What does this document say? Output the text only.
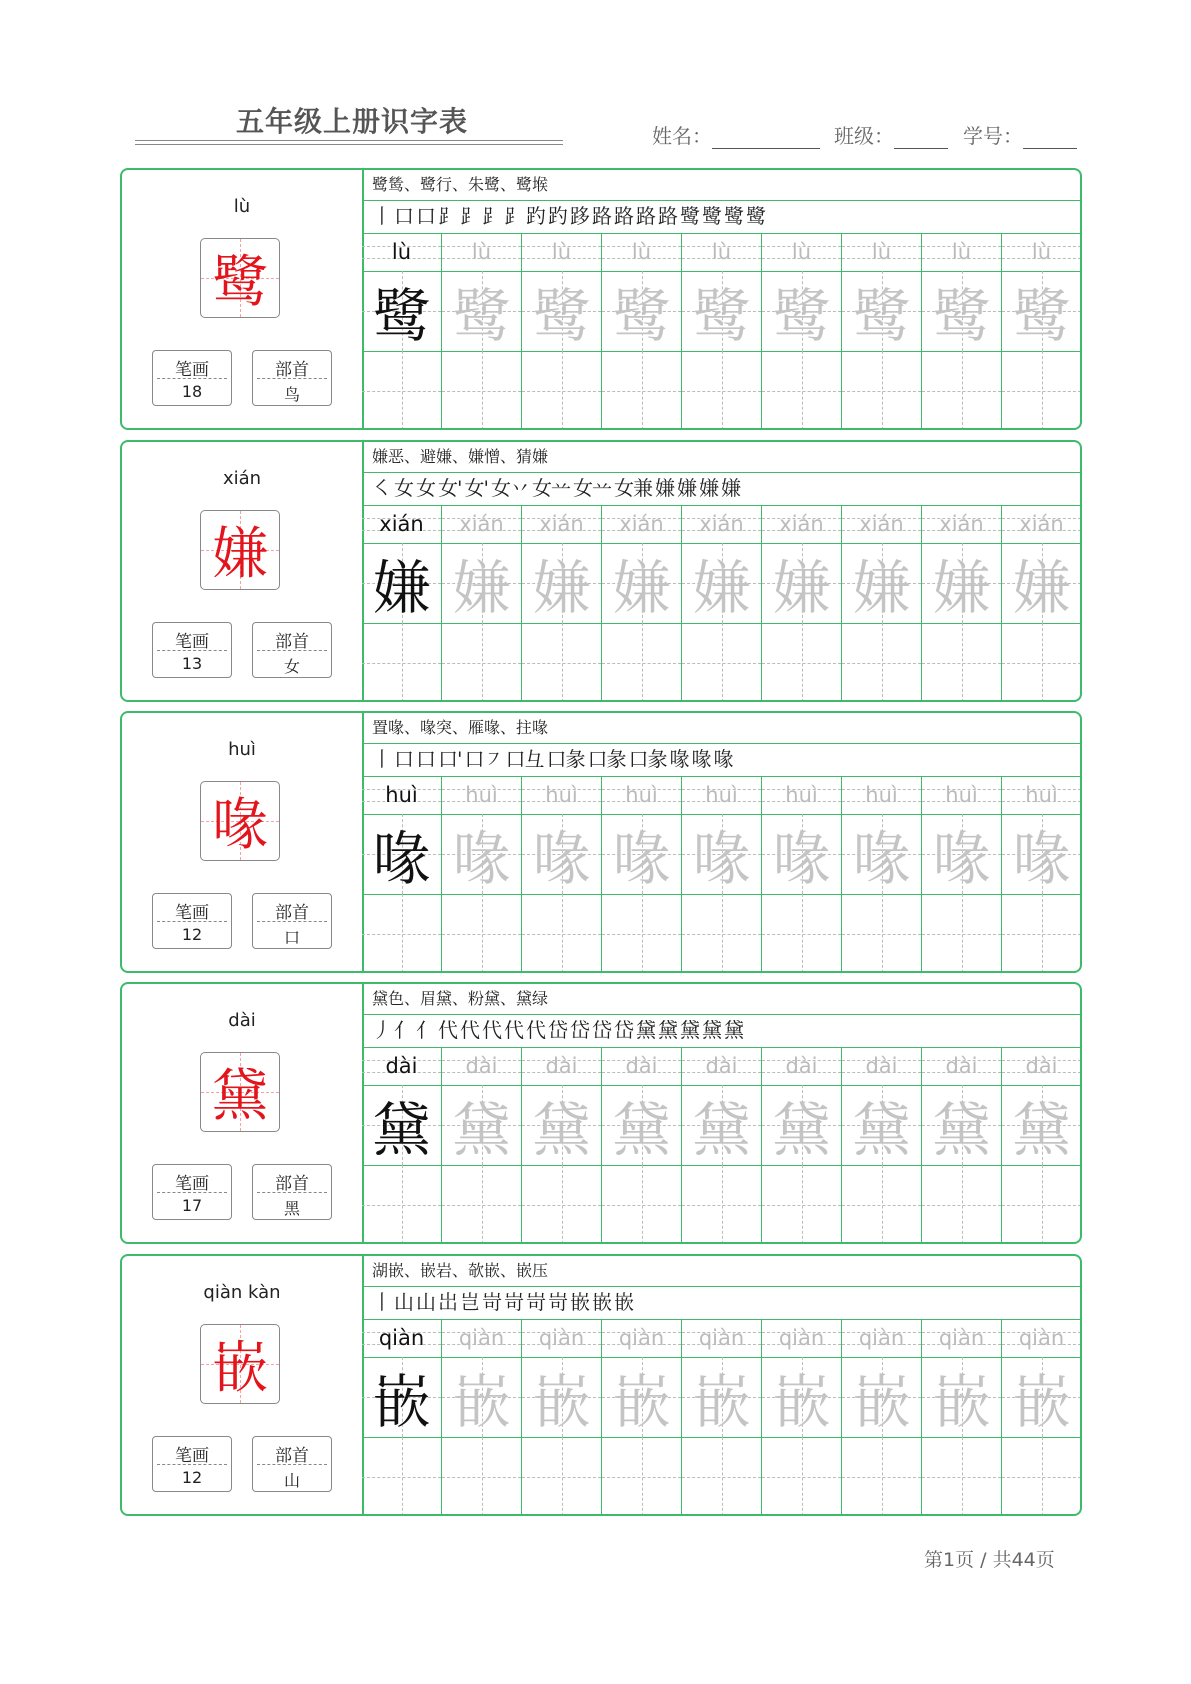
五年级上册识字表	姓名：	班级：	学号：
lù
鹭
笔画
18
部首
鸟
鹭鸶、鹭行、朱鹭、鹭堠
丨 口 口 ⻊ ⻊ ⻊ ⻊ 趵 趵 跢 路 路 路 路 鹭 鹭 鹭 鹭
lù	lù	lù	lù	lù	lù	lù	lù	lù
鹭 鹭 鹭 鹭 鹭 鹭 鹭 鹭 鹭
xián
嫌
笔画
13
部首
女
嫌恶、避嫌、嫌憎、猜嫌
㇛ 女 女 女' 女' 女丷 女䒑 女䒑 女兼 嫌 嫌 嫌 嫌
xián	xián	xián	xián	xián	xián	xián	xián	xián
嫌 嫌 嫌 嫌 嫌 嫌 嫌 嫌 嫌
huì
喙
笔画
12
部首
口
置喙、喙突、雁喙、拄喙
丨 口 口 口' 口㇇ 口彑 口彖 口彖 口彖 喙 喙 喙
huì	huì	huì	huì	huì	huì	huì	huì	huì
喙 喙 喙 喙 喙 喙 喙 喙 喙
dài
黛
笔画
17
部首
黑
黛色、眉黛、粉黛、黛绿
丿 亻 亻 代 代 代 代 代 岱 岱 岱 岱 黛 黛 黛 黛 黛
dài	dài	dài	dài	dài	dài	dài	dài	dài
黛 黛 黛 黛 黛 黛 黛 黛 黛
qiàn kàn
嵌
笔画
12
部首
山
湖嵌、嵌岩、欹嵌、嵌压
丨 山 山 岀 岂 岢 岢 岢 岢 嵌 嵌 嵌
qiàn	qiàn	qiàn	qiàn	qiàn	qiàn	qiàn	qiàn	qiàn
嵌 嵌 嵌 嵌 嵌 嵌 嵌 嵌 嵌
第1页 / 共44页
